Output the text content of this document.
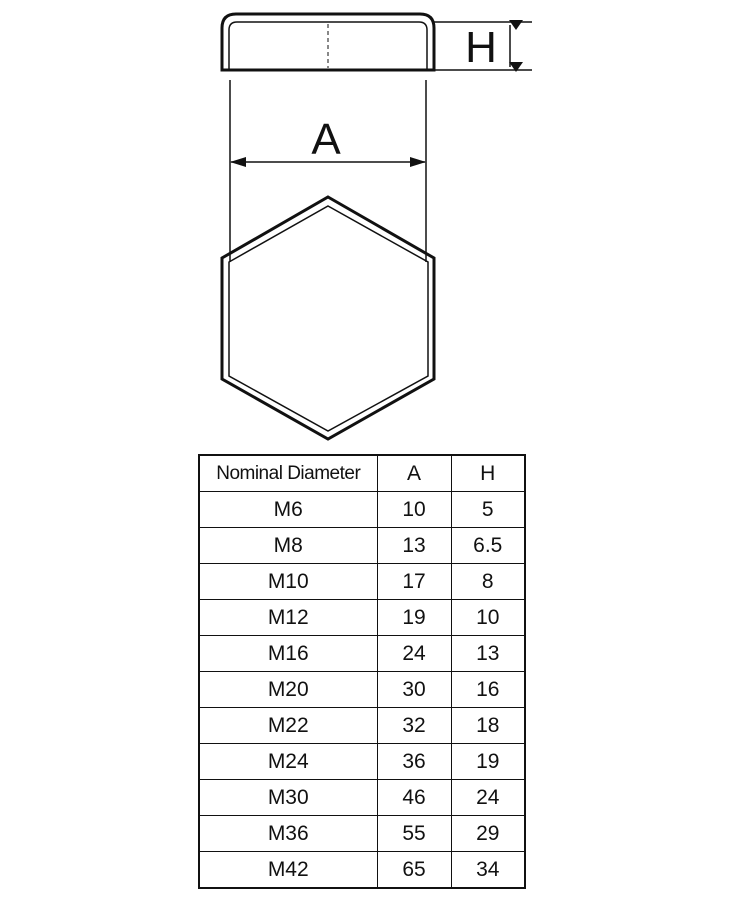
H
A
Nominal Diameter	A	H
M6	10	5
M8	13	6.5
M10	17	8
M12	19	10
M16	24	13
M20	30	16
M22	32	18
M24	36	19
M30	46	24
M36	55	29
M42	65	34
